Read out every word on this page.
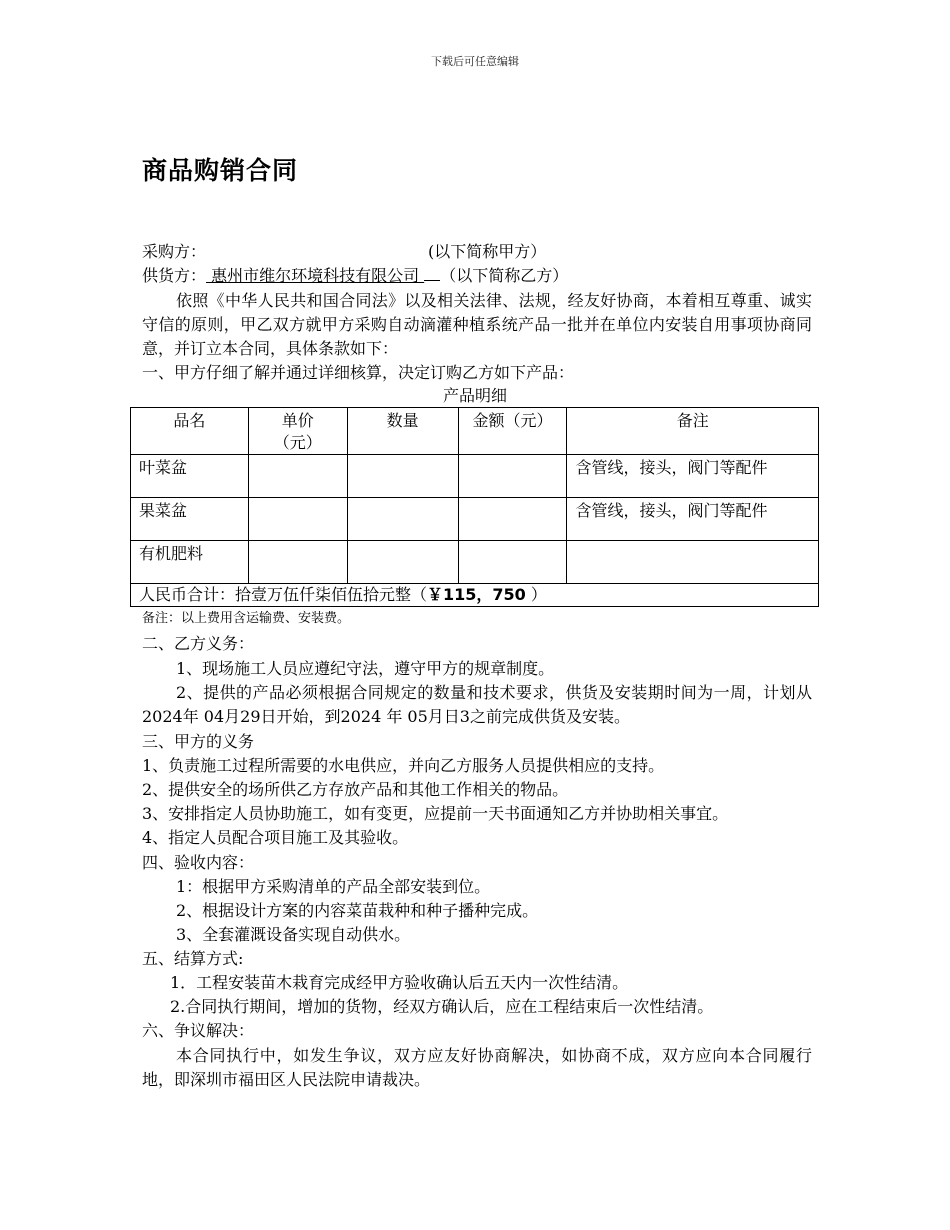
下载后可任意编辑
商品购销合同
采购方：	(以下简称甲方）
供货方： 惠州市维尔环境科技有限公司 （以下简称乙方）

依照《中华人民共和国合同法》以及相关法律、法规，经友好协商，本着相互尊重、诚实守信的原则，甲乙双方就甲方采购自动滴灌种植系统产品一批并在单位内安装自用事项协商同意，并订立本合同，具体条款如下：

一、甲方仔细了解并通过详细核算，决定订购乙方如下产品：
产品明细
品名	单价（元）	数量	金额（元）	备注
叶菜盆				含管线，接头，阀门等配件
果菜盆				含管线，接头，阀门等配件
有机肥料				
人民币合计：拾壹万伍仟柒佰伍拾元整（￥115，750 ）				
备注：以上费用含运输费、安装费。
二、乙方义务：

1、现场施工人员应遵纪守法，遵守甲方的规章制度。

2、提供的产品必须根据合同规定的数量和技术要求，供货及安装期时间为一周，计划从2024年 04月29日开始，到2024 年 05月日3之前完成供货及安装。

三、甲方的义务
1、负责施工过程所需要的水电供应，并向乙方服务人员提供相应的支持。
2、提供安全的场所供乙方存放产品和其他工作相关的物品。
3、安排指定人员协助施工，如有变更，应提前一天书面通知乙方并协助相关事宜。
4、指定人员配合项目施工及其验收。
四、验收内容：
1：根据甲方采购清单的产品全部安装到位。
2、根据设计方案的内容菜苗栽种和种子播种完成。
3、全套灌溉设备实现自动供水。
五、结算方式:
1．工程安装苗木栽育完成经甲方验收确认后五天内一次性结清。
2.合同执行期间，增加的货物，经双方确认后，应在工程结束后一次性结清。
六、争议解决：

本合同执行中，如发生争议，双方应友好协商解决，如协商不成，双方应向本合同履行地，即深圳市福田区人民法院申请裁决。
